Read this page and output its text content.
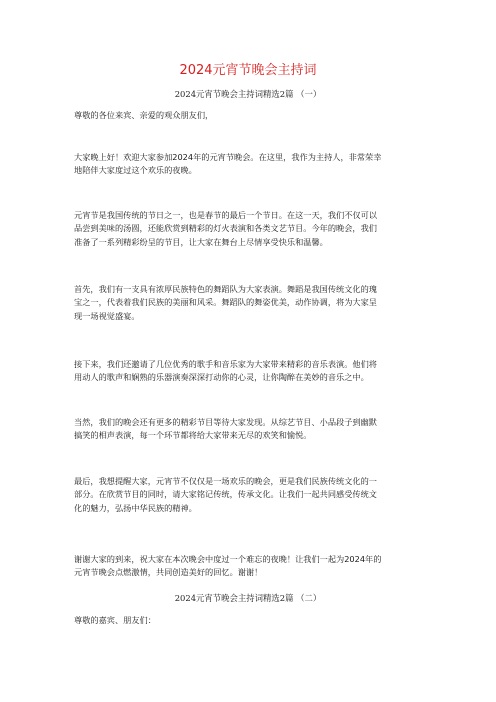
2024元宵节晚会主持词
2024元宵节晚会主持词精选2篇 （一）
尊敬的各位来宾、亲爱的观众朋友们，
大家晚上好！欢迎大家参加2024年的元宵节晚会。在这里，我作为主持人，非常荣幸
地陪伴大家度过这个欢乐的夜晚。
元宵节是我国传统的节日之一，也是春节的最后一个节日。在这一天，我们不仅可以
品尝到美味的汤圆，还能欣赏到精彩的灯火表演和各类文艺节目。今年的晚会，我们
准备了一系列精彩纷呈的节目，让大家在舞台上尽情享受快乐和温馨。
首先，我们有一支具有浓厚民族特色的舞蹈队为大家表演。舞蹈是我国传统文化的瑰
宝之一，代表着我们民族的美丽和风采。舞蹈队的舞姿优美，动作协调，将为大家呈
现一场视觉盛宴。
接下来，我们还邀请了几位优秀的歌手和音乐家为大家带来精彩的音乐表演。他们将
用动人的歌声和娴熟的乐器演奏深深打动你的心灵，让你陶醉在美妙的音乐之中。
当然，我们的晚会还有更多的精彩节目等待大家发现。从综艺节目、小品段子到幽默
搞笑的相声表演，每一个环节都将给大家带来无尽的欢笑和愉悦。
最后，我想提醒大家，元宵节不仅仅是一场欢乐的晚会，更是我们民族传统文化的一
部分。在欣赏节目的同时，请大家铭记传统，传承文化。让我们一起共同感受传统文
化的魅力，弘扬中华民族的精神。
谢谢大家的到来，祝大家在本次晚会中度过一个难忘的夜晚！让我们一起为2024年的
元宵节晚会点燃激情，共同创造美好的回忆。谢谢！
2024元宵节晚会主持词精选2篇 （二）
尊敬的嘉宾、朋友们：
